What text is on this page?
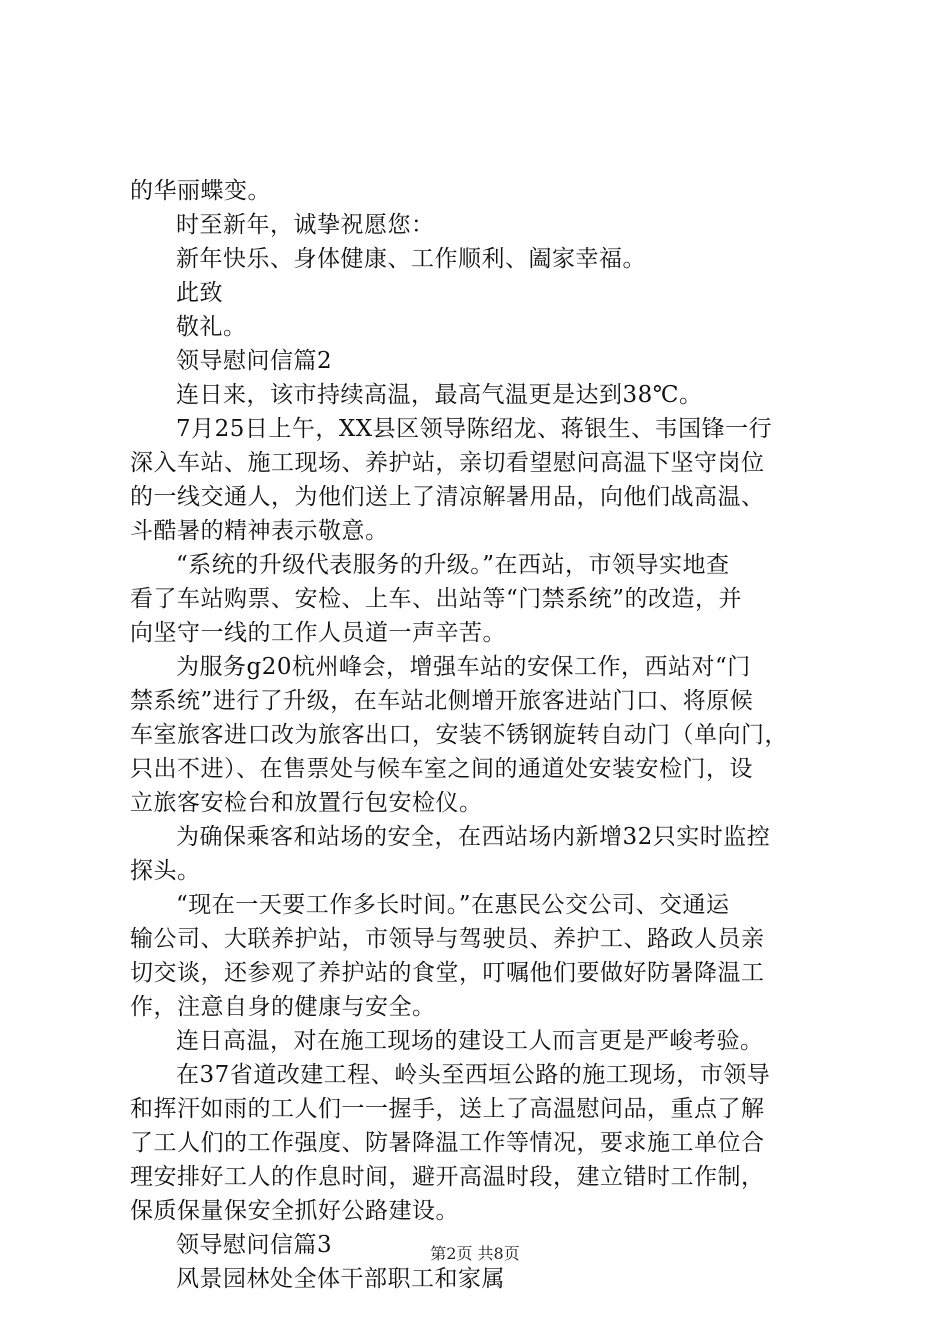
的华丽蝶变。
时至新年，诚挚祝愿您：
新年快乐、身体健康、工作顺利、阖家幸福。
此致
敬礼。
领导慰问信篇2
连日来，该市持续高温，最高气温更是达到38℃。
7月25日上午，XX县区领导陈绍龙、蒋银生、韦国锋一行
深入车站、施工现场、养护站，亲切看望慰问高温下坚守岗位
的一线交通人，为他们送上了清凉解暑用品，向他们战高温、
斗酷暑的精神表示敬意。
“系统的升级代表服务的升级。”在西站，市领导实地查
看了车站购票、安检、上车、出站等“门禁系统”的改造，并
向坚守一线的工作人员道一声辛苦。
为服务g20杭州峰会，增强车站的安保工作，西站对“门
禁系统”进行了升级，在车站北侧增开旅客进站门口、将原候
车室旅客进口改为旅客出口，安装不锈钢旋转自动门（单向门，
只出不进）、在售票处与候车室之间的通道处安装安检门，设
立旅客安检台和放置行包安检仪。
为确保乘客和站场的安全，在西站场内新增32只实时监控
探头。
“现在一天要工作多长时间。”在惠民公交公司、交通运
输公司、大联养护站，市领导与驾驶员、养护工、路政人员亲
切交谈，还参观了养护站的食堂，叮嘱他们要做好防暑降温工
作，注意自身的健康与安全。
连日高温，对在施工现场的建设工人而言更是严峻考验。
在37省道改建工程、岭头至西垣公路的施工现场，市领导
和挥汗如雨的工人们一一握手，送上了高温慰问品，重点了解
了工人们的工作强度、防暑降温工作等情况，要求施工单位合
理安排好工人的作息时间，避开高温时段，建立错时工作制，
保质保量保安全抓好公路建设。
领导慰问信篇3
风景园林处全体干部职工和家属
第2页 共8页
